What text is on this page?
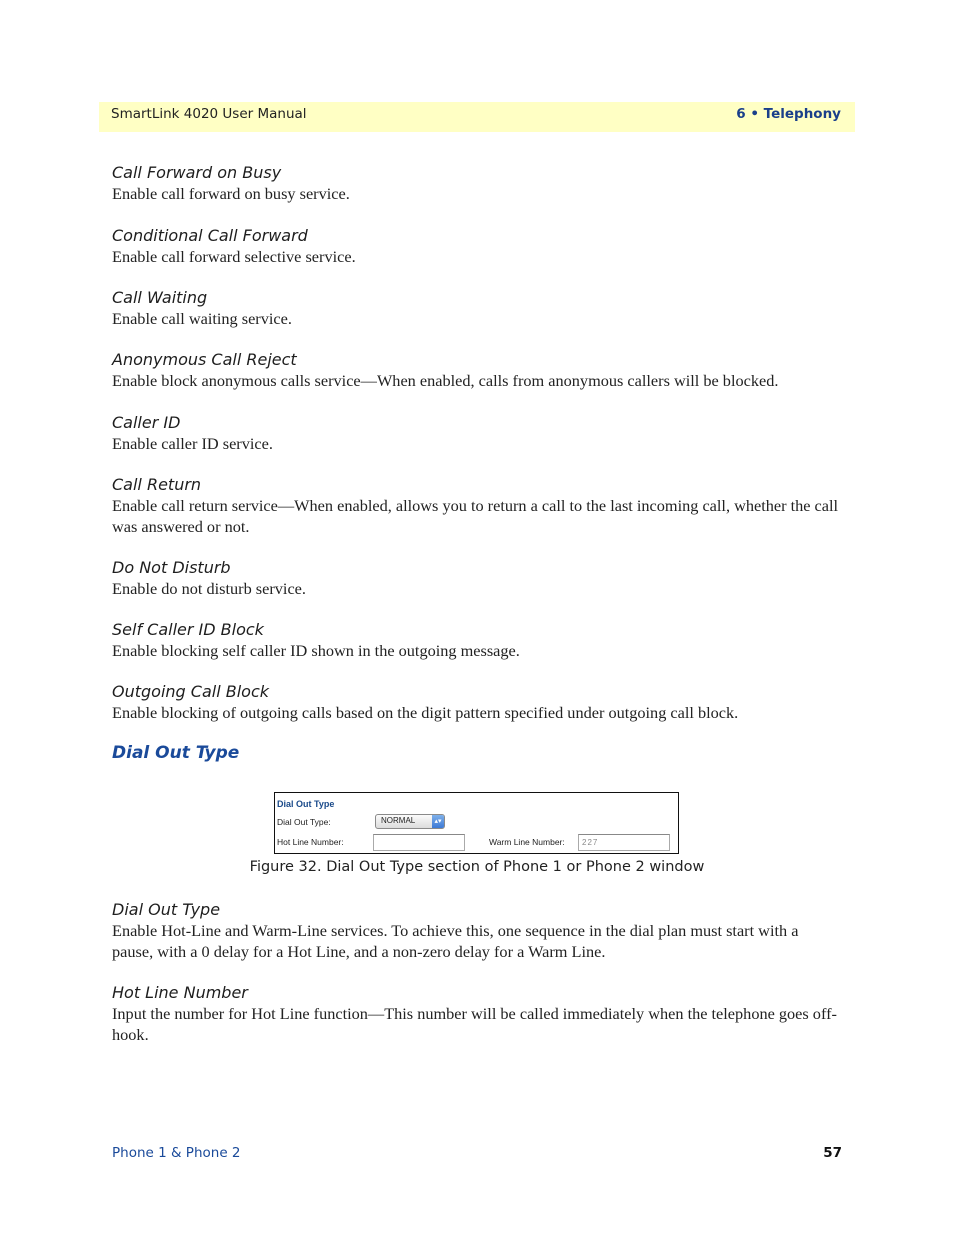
SmartLink 4020 User Manual	6 • Telephony
Call Forward on Busy
Enable call forward on busy service.
Conditional Call Forward
Enable call forward selective service.
Call Waiting
Enable call waiting service.
Anonymous Call Reject
Enable block anonymous calls service—When enabled, calls from anonymous callers will be blocked.
Caller ID
Enable caller ID service.
Call Return
Enable call return service—When enabled, allows you to return a call to the last incoming call, whether the call was answered or not.
Do Not Disturb
Enable do not disturb service.
Self Caller ID Block
Enable blocking self caller ID shown in the outgoing message.
Outgoing Call Block
Enable blocking of outgoing calls based on the digit pattern specified under outgoing call block.
Dial Out Type
Dial Out Type
Dial Out Type:	NORMAL	▴▾
Hot Line Number:	Warm Line Number: 227
Figure 32. Dial Out Type section of Phone 1 or Phone 2 window
Dial Out Type
Enable Hot-Line and Warm-Line services. To achieve this, one sequence in the dial plan must start with a pause, with a 0 delay for a Hot Line, and a non-zero delay for a Warm Line.
Hot Line Number
Input the number for Hot Line function—This number will be called immediately when the telephone goes off-hook.
Phone 1 & Phone 2	57
